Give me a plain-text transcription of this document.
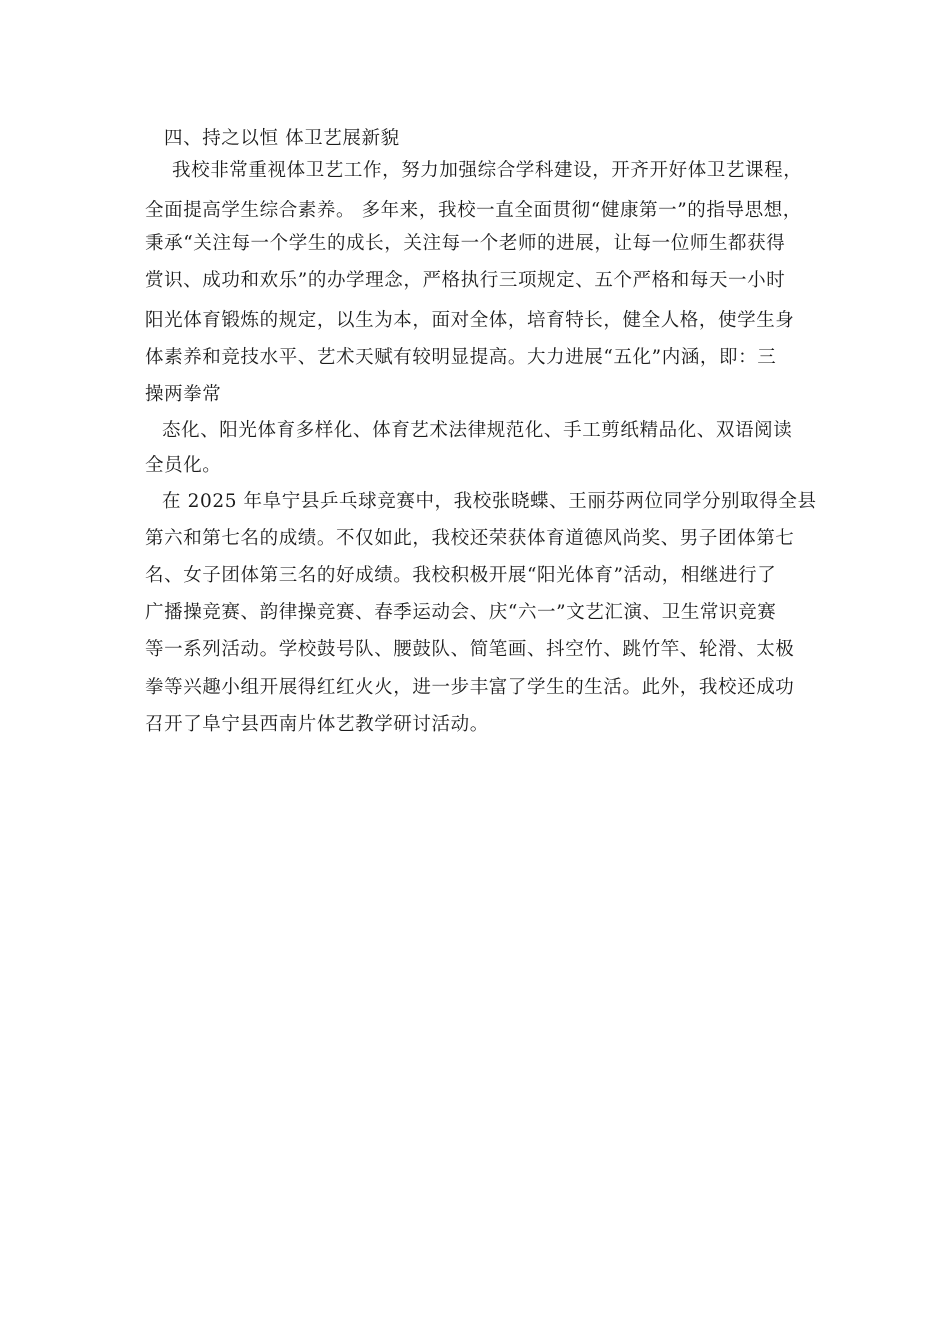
四、持之以恒 体卫艺展新貌
我校非常重视体卫艺工作，努力加强综合学科建设，开齐开好体卫艺课程，
全面提高学生综合素养。 多年来，我校一直全面贯彻“健康第一”的指导思想，
秉承“关注每一个学生的成长，关注每一个老师的进展，让每一位师生都获得
赏识、成功和欢乐”的办学理念，严格执行三项规定、五个严格和每天一小时
阳光体育锻炼的规定，以生为本，面对全体，培育特长，健全人格，使学生身
体素养和竞技水平、艺术天赋有较明显提高。大力进展“五化”内涵，即：三
操两拳常
态化、阳光体育多样化、体育艺术法律规范化、手工剪纸精品化、双语阅读
全员化。
在 2025 年阜宁县乒乓球竞赛中，我校张晓蝶、王丽芬两位同学分别取得全县
第六和第七名的成绩。不仅如此，我校还荣获体育道德风尚奖、男子团体第七
名、女子团体第三名的好成绩。我校积极开展“阳光体育”活动，相继进行了
广播操竞赛、韵律操竞赛、春季运动会、庆“六一”文艺汇演、卫生常识竞赛
等一系列活动。学校鼓号队、腰鼓队、简笔画、抖空竹、跳竹竿、轮滑、太极
拳等兴趣小组开展得红红火火，进一步丰富了学生的生活。此外，我校还成功
召开了阜宁县西南片体艺教学研讨活动。
